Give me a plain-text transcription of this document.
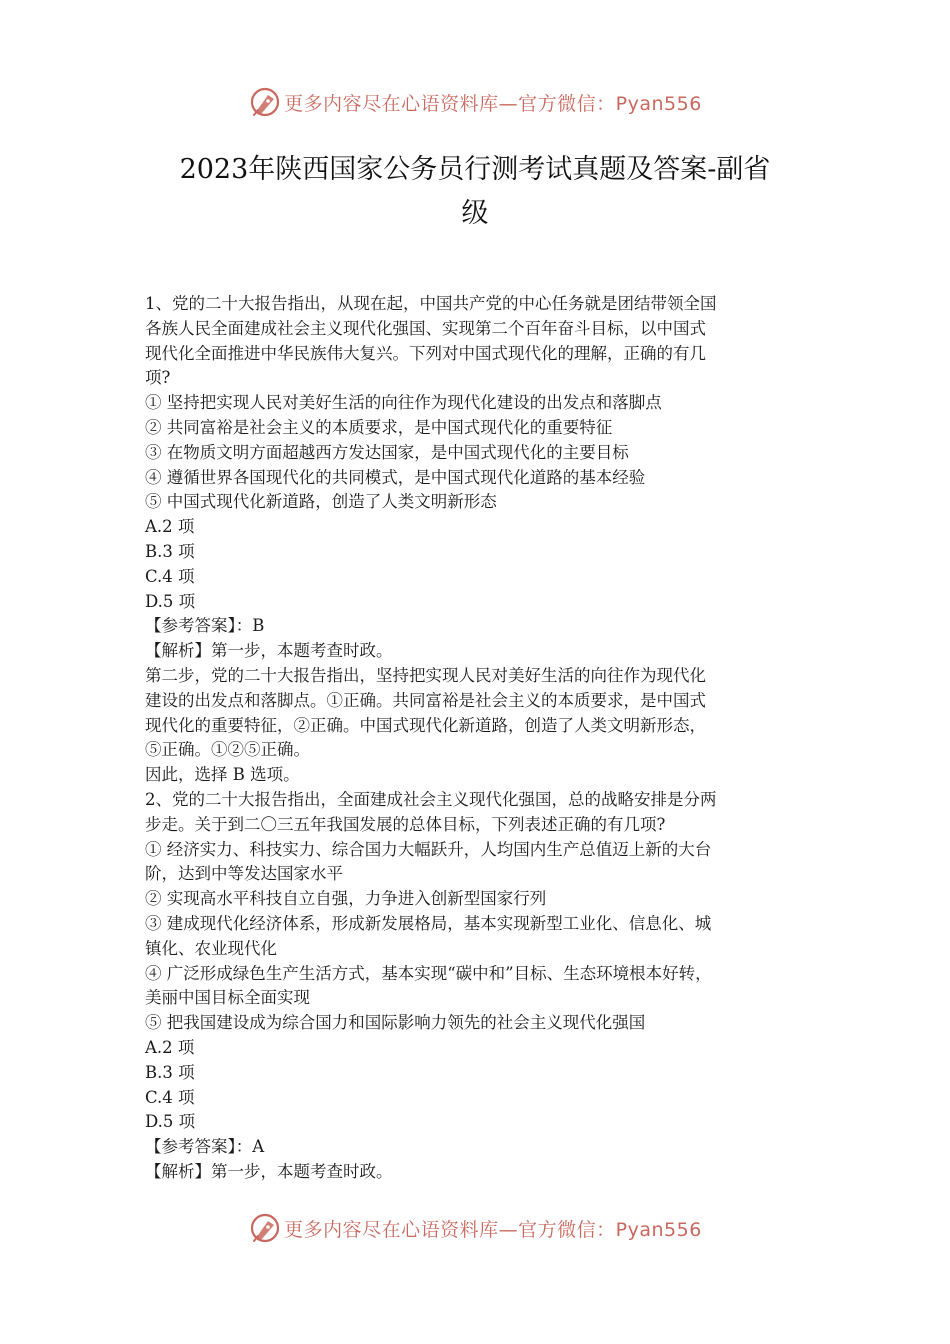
更多内容尽在心语资料库—官方微信：Pyan556
2023年陕西国家公务员行测考试真题及答案-副省
级
1、党的二十大报告指出，从现在起，中国共产党的中心任务就是团结带领全国
各族人民全面建成社会主义现代化强国、实现第二个百年奋斗目标，以中国式
现代化全面推进中华民族伟大复兴。下列对中国式现代化的理解，正确的有几
项?
① 坚持把实现人民对美好生活的向往作为现代化建设的出发点和落脚点
② 共同富裕是社会主义的本质要求，是中国式现代化的重要特征
③ 在物质文明方面超越西方发达国家，是中国式现代化的主要目标
④ 遵循世界各国现代化的共同模式，是中国式现代化道路的基本经验
⑤ 中国式现代化新道路，创造了人类文明新形态
A.2 项
B.3 项
C.4 项
D.5 项
【参考答案】：B
【解析】第一步，本题考查时政。
第二步，党的二十大报告指出，坚持把实现人民对美好生活的向往作为现代化
建设的出发点和落脚点。①正确。共同富裕是社会主义的本质要求，是中国式
现代化的重要特征，②正确。中国式现代化新道路，创造了人类文明新形态，
⑤正确。①②⑤正确。
因此，选择 B 选项。
2、党的二十大报告指出，全面建成社会主义现代化强国，总的战略安排是分两
步走。关于到二〇三五年我国发展的总体目标，下列表述正确的有几项?
① 经济实力、科技实力、综合国力大幅跃升，人均国内生产总值迈上新的大台
阶，达到中等发达国家水平
② 实现高水平科技自立自强，力争进入创新型国家行列
③ 建成现代化经济体系，形成新发展格局，基本实现新型工业化、信息化、城
镇化、农业现代化
④ 广泛形成绿色生产生活方式，基本实现“碳中和”目标、生态环境根本好转，
美丽中国目标全面实现
⑤ 把我国建设成为综合国力和国际影响力领先的社会主义现代化强国
A.2 项
B.3 项
C.4 项
D.5 项
【参考答案】：A
【解析】第一步，本题考查时政。
更多内容尽在心语资料库—官方微信：Pyan556
